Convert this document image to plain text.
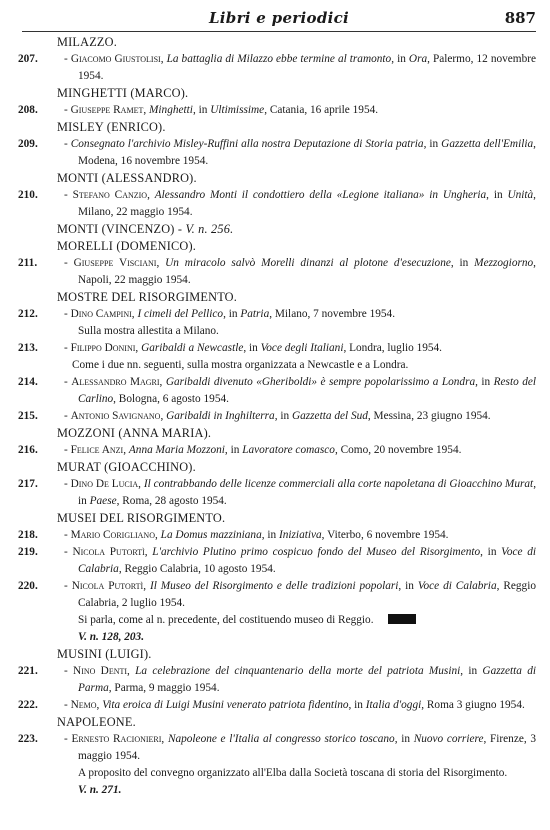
Libri e periodici	887
MILAZZO.
207. - Giacomo Giustolisi, La battaglia di Milazzo ebbe termine al tramonto, in Ora, Palermo, 12 novembre 1954.
MINGHETTI (MARCO).
208. - Giuseppe Ramet, Minghetti, in Ultimissime, Catania, 16 aprile 1954.
MISLEY (ENRICO).
209. - Consegnato l'archivio Misley-Ruffini alla nostra Deputazione di Storia patria, in Gazzetta dell'Emilia, Modena, 16 novembre 1954.
MONTI (ALESSANDRO).
210. - Stefano Canzio, Alessandro Monti il condottiero della «Legione italiana» in Ungheria, in Unità, Milano, 22 maggio 1954.
MONTI (VINCENZO) - V. n. 256.
MORELLI (DOMENICO).
211. - Giuseppe Visciani, Un miracolo salvò Morelli dinanzi al plotone d'esecuzione, in Mezzogiorno, Napoli, 22 maggio 1954.
MOSTRE DEL RISORGIMENTO.
212. - Dino Campini, I cimeli del Pellico, in Patria, Milano, 7 novembre 1954.
Sulla mostra allestita a Milano.
213. - Filippo Donini, Garibaldi a Newcastle, in Voce degli Italiani, Londra, luglio 1954.
Come i due nn. seguenti, sulla mostra organizzata a Newcastle e a Londra.
214. - Alessandro Magri, Garibaldi divenuto «Gheriboldi» è sempre popolarissimo a Londra, in Resto del Carlino, Bologna, 6 agosto 1954.
215. - Antonio Savignano, Garibaldi in Inghilterra, in Gazzetta del Sud, Messina, 23 giugno 1954.
MOZZONI (ANNA MARIA).
216. - Felice Anzi, Anna Maria Mozzoni, in Lavoratore comasco, Como, 20 novembre 1954.
MURAT (GIOACCHINO).
217. - Dino De Lucia, Il contrabbando delle licenze commerciali alla corte napoletana di Gioacchino Murat, in Paese, Roma, 28 agosto 1954.
MUSEI DEL RISORGIMENTO.
218. - Mario Corigliano, La Domus mazziniana, in Iniziativa, Viterbo, 6 novembre 1954.
219. - Nicola Putortì, L'archivio Plutino primo cospicuo fondo del Museo del Risorgimento, in Voce di Calabria, Reggio Calabria, 10 agosto 1954.
220. - Nicola Putortì, Il Museo del Risorgimento e delle tradizioni popolari, in Voce di Calabria, Reggio Calabria, 2 luglio 1954.
Si parla, come al n. precedente, del costituendo museo di Reggio.
V. n. 128, 203.
MUSINI (LUIGI).
221. - Nino Denti, La celebrazione del cinquantenario della morte del patriota Musini, in Gazzetta di Parma, Parma, 9 maggio 1954.
222. - Nemo, Vita eroica di Luigi Musini venerato patriota fidentino, in Italia d'oggi, Roma 3 giugno 1954.
NAPOLEONE.
223. - Ernesto Racionieri, Napoleone e l'Italia al congresso storico toscano, in Nuovo corriere, Firenze, 3 maggio 1954.
A proposito del convegno organizzato all'Elba dalla Società toscana di storia del Risorgimento.
V. n. 271.
